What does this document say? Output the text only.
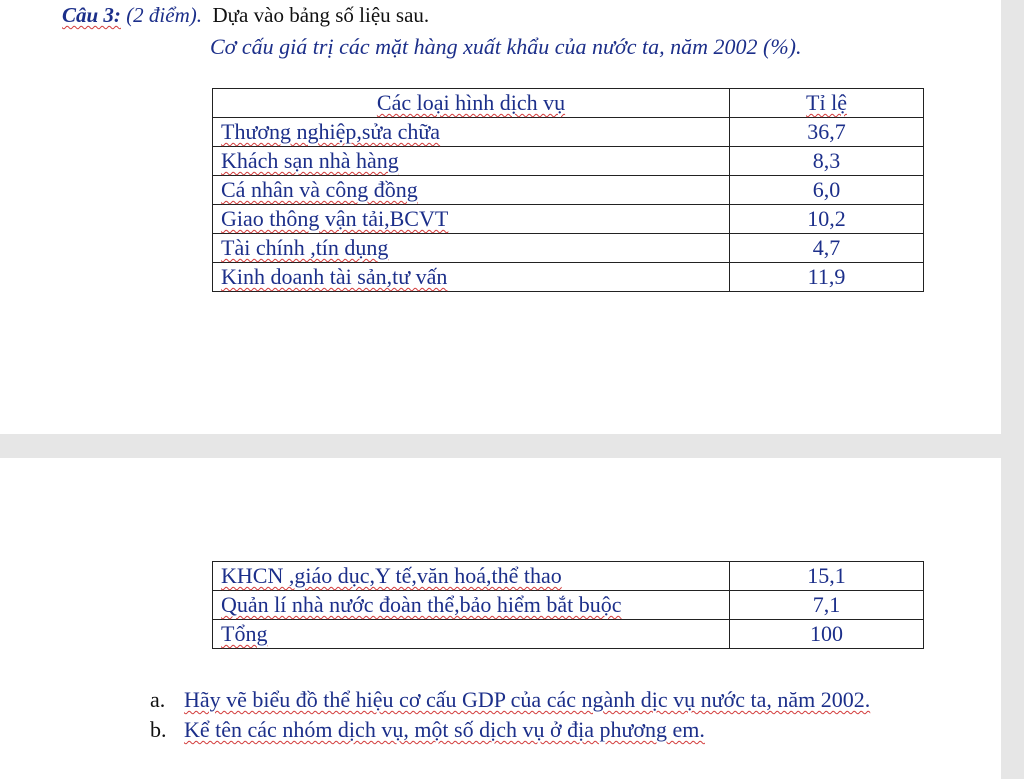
Câu 3: (2 điểm). Dựa vào bảng số liệu sau.
Cơ cấu giá trị các mặt hàng xuất khẩu của nước ta, năm 2002 (%).
Các loại hình dịch vụ	Tỉ lệ
Thương nghiệp,sửa chữa	36,7
Khách sạn nhà hàng	8,3
Cá nhân và công đồng	6,0
Giao thông vận tải,BCVT	10,2
Tài chính ,tín dụng	4,7
Kinh doanh tài sản,tư vấn	11,9
KHCN ,giáo dục,Y tế,văn hoá,thể thao	15,1
Quản lí nhà nước đoàn thể,bảo hiểm bắt buộc	7,1
Tổng	100
a. Hãy vẽ biểu đồ thể hiệu cơ cấu GDP của các ngành dịc vụ nước ta, năm 2002.
b. Kể tên các nhóm dịch vụ, một số dịch vụ ở địa phương em.
